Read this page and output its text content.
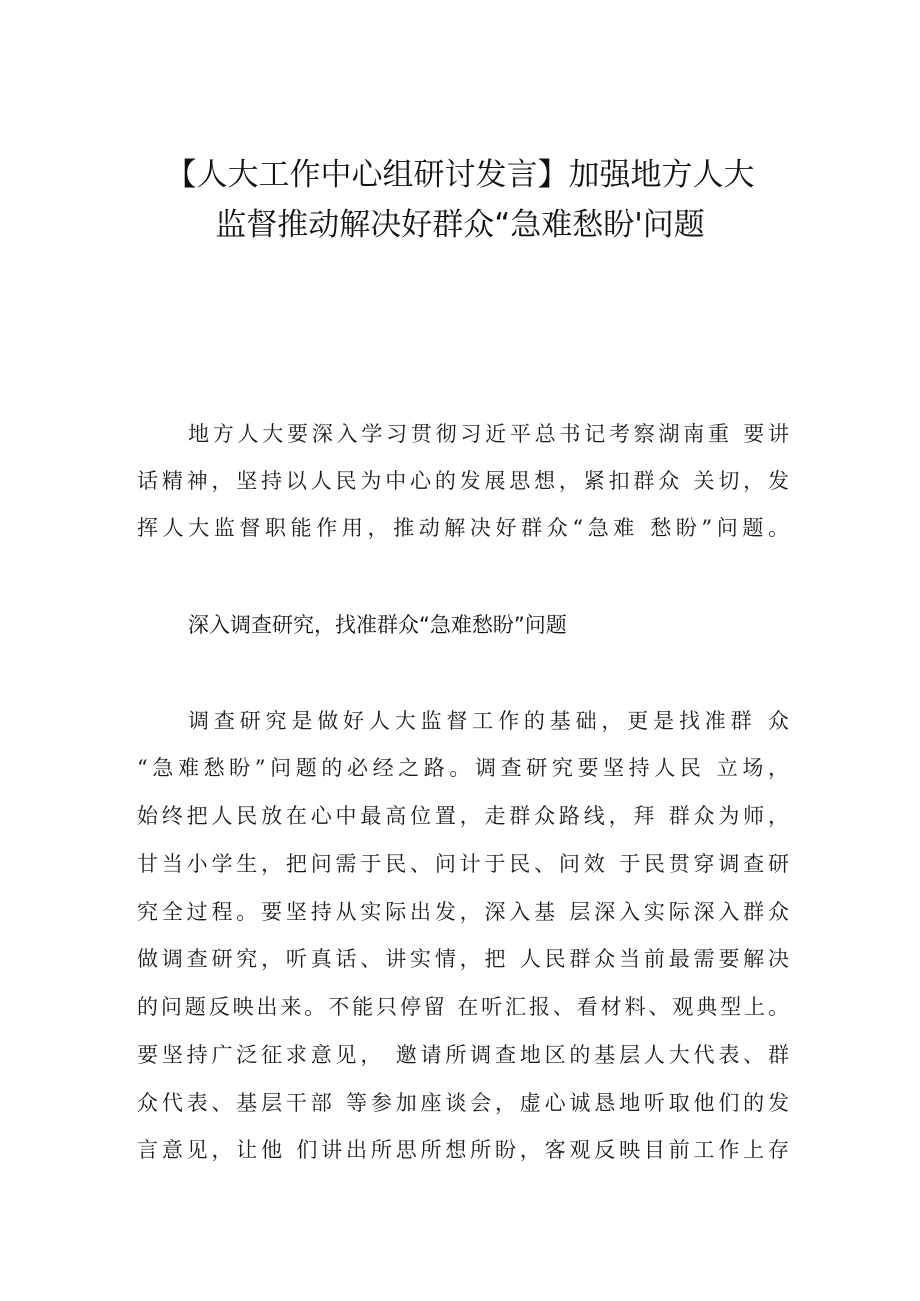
【人大工作中心组研讨发言】加强地方人大
监督推动解决好群众“急难愁盼'问题
地方人大要深入学习贯彻习近平总书记考察湖南重 要讲
话精神，坚持以人民为中心的发展思想，紧扣群众 关切，发
挥人大监督职能作用，推动解决好群众“急难 愁盼”问题。
深入调查研究，找准群众“急难愁盼”问题
调查研究是做好人大监督工作的基础，更是找准群 众
“急难愁盼”问题的必经之路。调查研究要坚持人民 立场，
始终把人民放在心中最高位置，走群众路线，拜 群众为师，
甘当小学生，把问需于民、问计于民、问效 于民贯穿调查研
究全过程。要坚持从实际出发，深入基 层深入实际深入群众
做调查研究，听真话、讲实情，把 人民群众当前最需要解决
的问题反映出来。不能只停留 在听汇报、看材料、观典型上。
要坚持广泛征求意见， 邀请所调查地区的基层人大代表、群
众代表、基层干部 等参加座谈会，虚心诚恳地听取他们的发
言意见，让他 们讲出所思所想所盼，客观反映目前工作上存
